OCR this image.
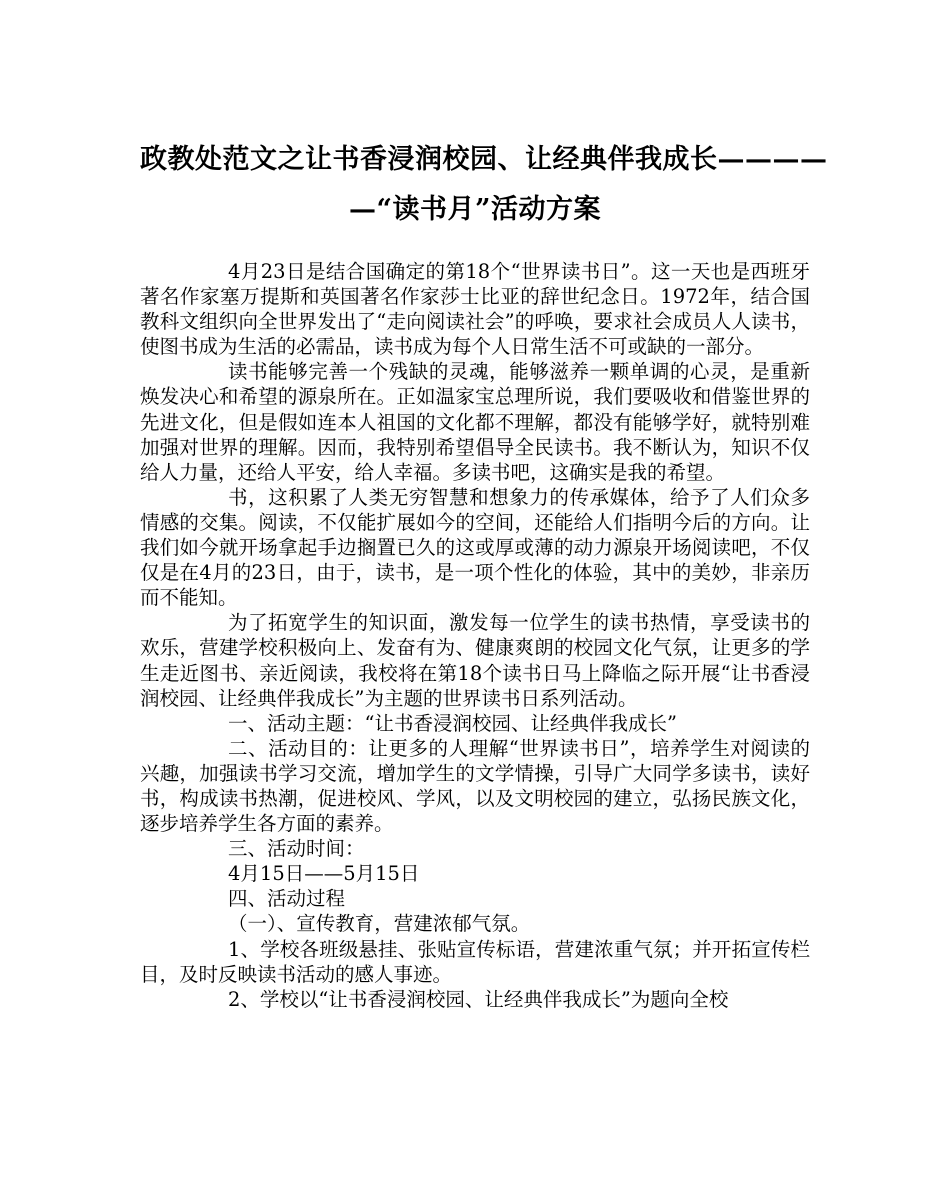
政教处范文之让书香浸润校园、让经典伴我成长————
—“读书月”活动方案

4月23日是结合国确定的第18个“世界读书日”。这一天也是西班牙著名作家塞万提斯和英国著名作家莎士比亚的辞世纪念日。1972年，结合国教科文组织向全世界发出了“走向阅读社会”的呼唤，要求社会成员人人读书，使图书成为生活的必需品，读书成为每个人日常生活不可或缺的一部分。

读书能够完善一个残缺的灵魂，能够滋养一颗单调的心灵，是重新焕发决心和希望的源泉所在。正如温家宝总理所说，我们要吸收和借鉴世界的先进文化，但是假如连本人祖国的文化都不理解，都没有能够学好，就特别难加强对世界的理解。因而，我特别希望倡导全民读书。我不断认为，知识不仅给人力量，还给人平安，给人幸福。多读书吧，这确实是我的希望。

书，这积累了人类无穷智慧和想象力的传承媒体，给予了人们众多情感的交集。阅读，不仅能扩展如今的空间，还能给人们指明今后的方向。让我们如今就开场拿起手边搁置已久的这或厚或薄的动力源泉开场阅读吧，不仅仅是在4月的23日，由于，读书，是一项个性化的体验，其中的美妙，非亲历而不能知。

为了拓宽学生的知识面，激发每一位学生的读书热情，享受读书的欢乐，营建学校积极向上、发奋有为、健康爽朗的校园文化气氛，让更多的学生走近图书、亲近阅读，我校将在第18个读书日马上降临之际开展“让书香浸润校园、让经典伴我成长”为主题的世界读书日系列活动。

一、活动主题：“让书香浸润校园、让经典伴我成长”

二、活动目的：让更多的人理解“世界读书日”，培养学生对阅读的兴趣，加强读书学习交流，增加学生的文学情操，引导广大同学多读书，读好书，构成读书热潮，促进校风、学风，以及文明校园的建立，弘扬民族文化，逐步培养学生各方面的素养。

三、活动时间：

4月15日——5月15日

四、活动过程

（一）、宣传教育，营建浓郁气氛。

1、学校各班级悬挂、张贴宣传标语，营建浓重气氛；并开拓宣传栏目，及时反映读书活动的感人事迹。

2、学校以“让书香浸润校园、让经典伴我成长”为题向全校
